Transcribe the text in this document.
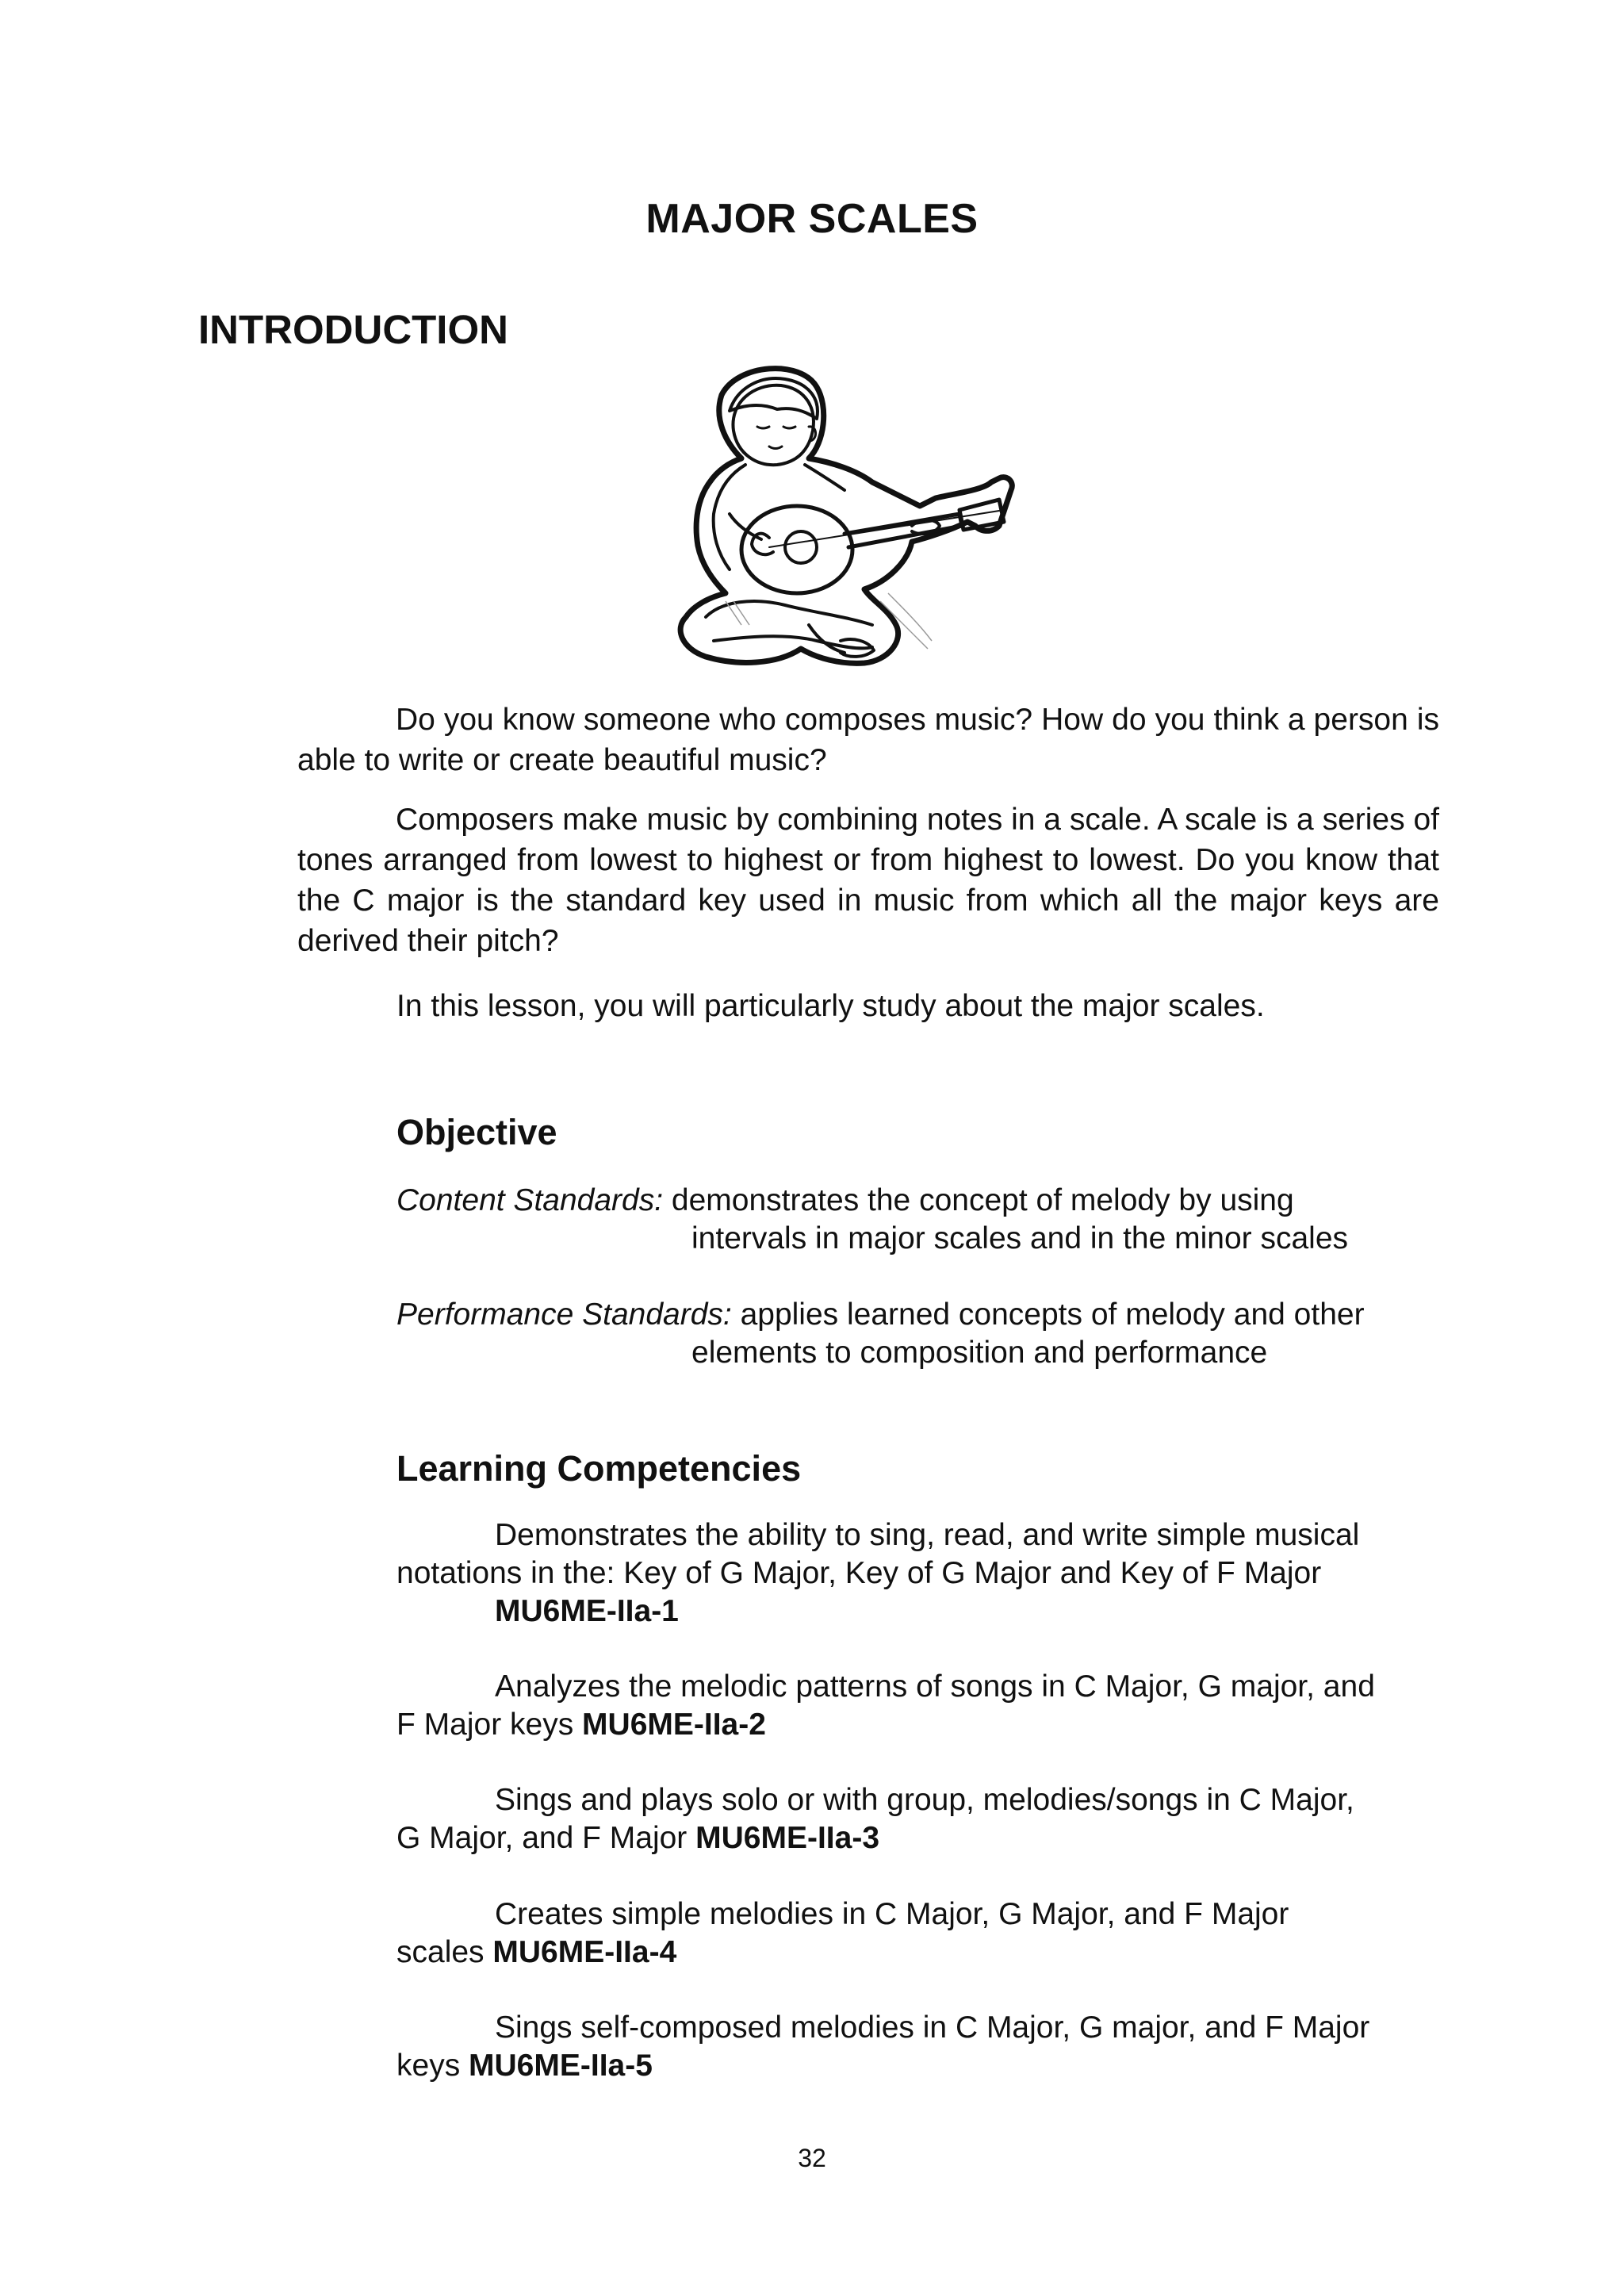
MAJOR SCALES
INTRODUCTION

Do you know someone who composes music? How do you think a person is able to write or create beautiful music?

Composers make music by combining notes in a scale. A scale is a series of tones arranged from lowest to highest or from highest to lowest. Do you know that the C major is the standard key used in music from which all the major keys are derived their pitch?

In this lesson, you will particularly study about the major scales.

Objective
Content Standards: demonstrates the concept of melody by using
intervals in major scales and in the minor scales
Performance Standards: applies learned concepts of melody and other
elements to composition and performance
Learning Competencies
Demonstrates the ability to sing, read, and write simple musical
notations in the: Key of G Major, Key of G Major and Key of F Major

MU6ME-IIa-1
Analyzes the melodic patterns of songs in C Major, G major, and
F Major keys MU6ME-IIa-2
Sings and plays solo or with group, melodies/songs in C Major,
G Major, and F Major MU6ME-IIa-3
Creates simple melodies in C Major, G Major, and F Major
scales MU6ME-IIa-4
Sings self-composed melodies in C Major, G major, and F Major
keys MU6ME-IIa-5
32
